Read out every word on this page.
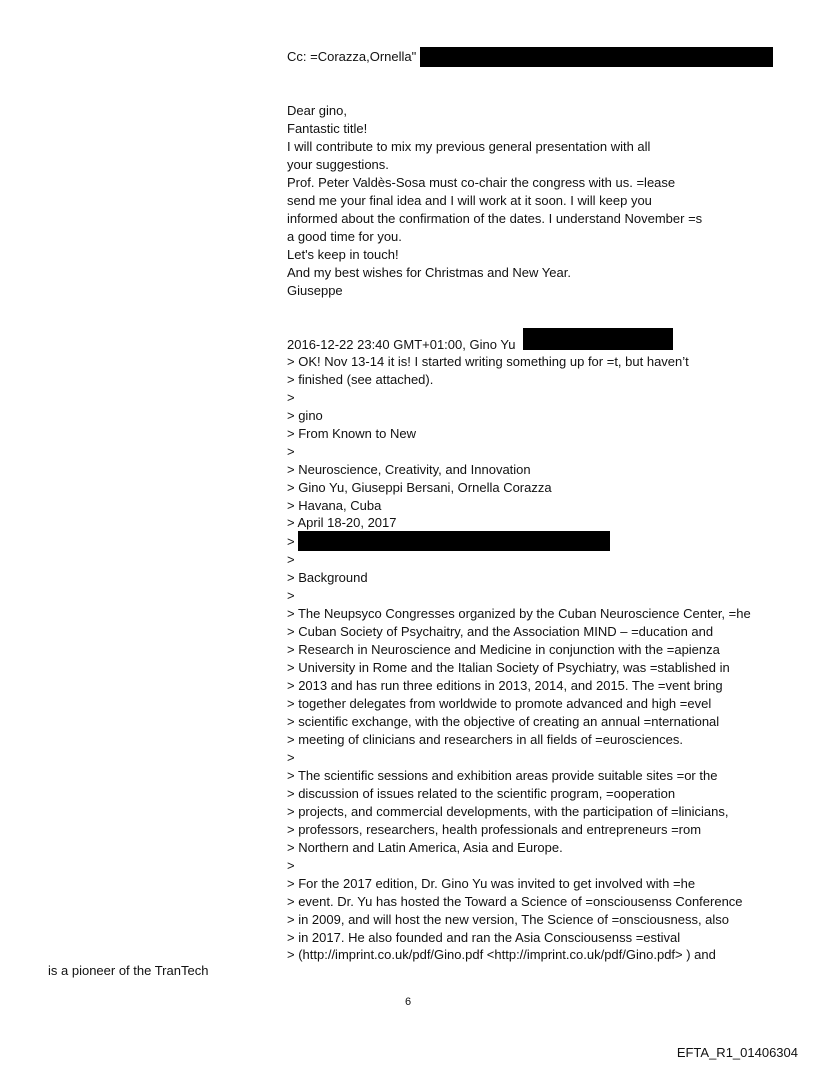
Cc: =Corazza,Ornella"
Dear gino,
Fantastic title!
I will contribute to mix my previous general presentation with all
your suggestions.
Prof. Peter Valdès-Sosa must co-chair the congress with us. =lease
send me your final idea and I will work at it soon. I will keep you
informed about the confirmation of the dates. I understand November =s
a good time for you.
Let's keep in touch!
And my best wishes for Christmas and New Year.
Giuseppe
2016-12-22 23:40 GMT+01:00, Gino Yu
> OK! Nov 13-14 it is! I started writing something up for =t, but haven’t
> finished (see attached).
>
> gino
> From Known to New
>
> Neuroscience, Creativity, and Innovation
> Gino Yu, Giuseppi Bersani, Ornella Corazza
> Havana, Cuba
> April 18-20, 2017
>
>
> Background
>
> The Neupsyco Congresses organized by the Cuban Neuroscience Center, =he
> Cuban Society of Psychaitry, and the Association MIND – =ducation and
> Research in Neuroscience and Medicine in conjunction with the =apienza
> University in Rome and the Italian Society of Psychiatry, was =stablished in
> 2013 and has run three editions in 2013, 2014, and 2015. The =vent bring
> together delegates from worldwide to promote advanced and high =evel
> scientific exchange, with the objective of creating an annual =nternational
> meeting of clinicians and researchers in all fields of =eurosciences.
>
> The scientific sessions and exhibition areas provide suitable sites =or the
> discussion of issues related to the scientific program, =ooperation
> projects, and commercial developments, with the participation of =linicians,
> professors, researchers, health professionals and entrepreneurs =rom
> Northern and Latin America, Asia and Europe.
>
> For the 2017 edition, Dr. Gino Yu was invited to get involved with =he
> event. Dr. Yu has hosted the Toward a Science of =onsciousenss Conference
> in 2009, and will host the new version, The Science of =onsciousness, also
> in 2017. He also founded and ran the Asia Consciousenss =estival
> (http://imprint.co.uk/pdf/Gino.pdf <http://imprint.co.uk/pdf/Gino.pdf> ) and
is a pioneer of the TranTech
6
EFTA_R1_01406304
